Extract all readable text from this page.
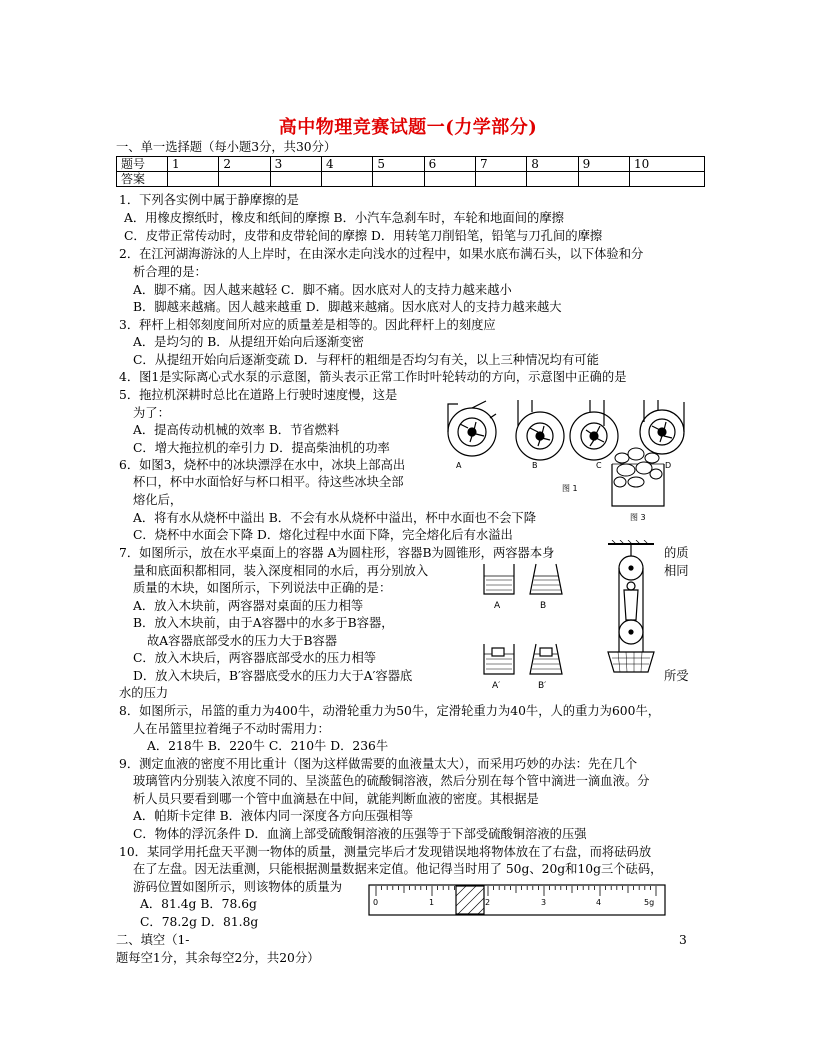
高中物理竞赛试题一(力学部分)
一、单一选择题（每小题3分，共30分）
题号	1	2	3	4	5	6	7	8	9	10
答案										
1．下列各实例中属于静摩擦的是
A．用橡皮擦纸时，橡皮和纸间的摩擦 B．小汽车急刹车时，车轮和地面间的摩擦
C．皮带正常传动时，皮带和皮带轮间的摩擦 D．用转笔刀削铅笔，铅笔与刀孔间的摩擦
2．在江河湖海游泳的人上岸时，在由深水走向浅水的过程中，如果水底布满石头，以下体验和分
析合理的是：
A．脚不痛。因人越来越轻 C．脚不痛。因水底对人的支持力越来越小
B．脚越来越痛。因人越来越重 D．脚越来越痛。因水底对人的支持力越来越大
3．秤杆上相邻刻度间所对应的质量差是相等的。因此秤杆上的刻度应
A．是均匀的 B．从提纽开始向后逐渐变密
C．从提纽开始向后逐渐变疏 D．与秤杆的粗细是否均匀有关，以上三种情况均有可能
4．图1是实际离心式水泵的示意图，箭头表示正常工作时叶轮转动的方向，示意图中正确的是
5．拖拉机深耕时总比在道路上行驶时速度慢，这是
为了：
A．提高传动机械的效率 B．节省燃料
C．增大拖拉机的牵引力 D．提高柴油机的功率
6．如图3，烧杯中的冰块漂浮在水中，冰块上部高出
杯口，杯中水面恰好与杯口相平。待这些冰块全部
熔化后，
A．将有水从烧杯中溢出 B．不会有水从烧杯中溢出，杯中水面也不会下降
C．烧杯中水面会下降 D．熔化过程中水面下降，完全熔化后有水溢出
7．如图所示，放在水平桌面上的容器 A为圆柱形，容器B为圆锥形，两容器本身
量和底面积都相同，装入深度相同的水后，再分别放入
质量的木块，如图所示，下列说法中正确的是：
A．放入木块前，两容器对桌面的压力相等
B．放入木块前，由于A容器中的水多于B容器，
故A容器底部受水的压力大于B容器
C．放入木块后，两容器底部受水的压力相等
D．放入木块后，B′容器底受水的压力大于A′容器底
水的压力
8．如图所示，吊篮的重力为400牛，动滑轮重力为50牛，定滑轮重力为40牛，人的重力为600牛，
人在吊篮里拉着绳子不动时需用力：
A．218牛 B．220牛 C．210牛 D．236牛
9．测定血液的密度不用比重计（图为这样做需要的血液量太大），而采用巧妙的办法：先在几个
玻璃管内分别装入浓度不同的、呈淡蓝色的硫酸铜溶液，然后分别在每个管中滴进一滴血液。分
析人员只要看到哪一个管中血滴悬在中间，就能判断血液的密度。其根据是
A．帕斯卡定律 B．液体内同一深度各方向压强相等
C．物体的浮沉条件 D．血滴上部受硫酸铜溶液的压强等于下部受硫酸铜溶液的压强
10．某同学用托盘天平测一物体的质量，测量完毕后才发现错误地将物体放在了右盘，而将砝码放
在了左盘。因无法重测，只能根据测量数据来定值。他记得当时用了 50g、20g和10g三个砝码，
游码位置如图所示，则该物体的质量为
A．81.4g B．78.6g
C．78.2g D．81.8g
二、填空（1-
题每空1分，其余每空2分，共20分）
的质
相同
所受
3
A	B	C	D
图 1
图 3
A	B
A′	B′
0	1	2	3	4	5g
